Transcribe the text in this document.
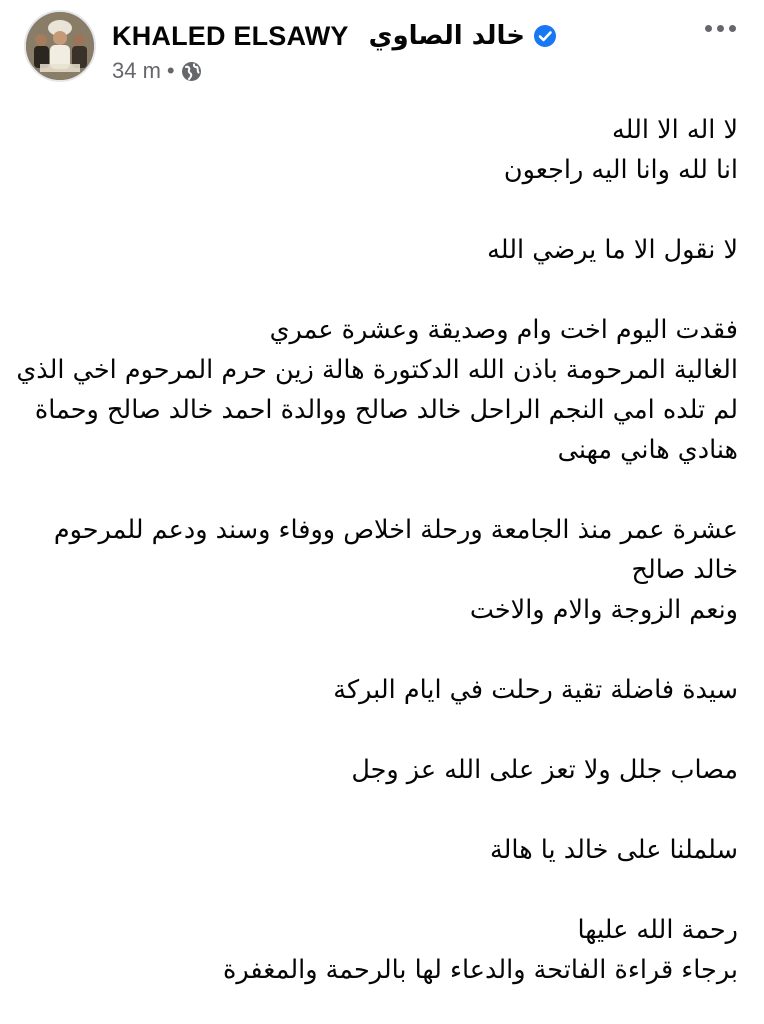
KHALED ELSAWY خالد الصاوي
34 m •

لا اله الا الله
انا لله وانا اليه راجعون

لا نقول الا ما يرضي الله

فقدت اليوم اخت وام وصديقة وعشرة عمري
الغالية المرحومة باذن الله الدكتورة هالة زين حرم المرحوم اخي الذي
لم تلده امي النجم الراحل خالد صالح ووالدة احمد خالد صالح وحماة
هنادي هاني مهنى

عشرة عمر منذ الجامعة ورحلة اخلاص ووفاء وسند ودعم للمرحوم
خالد صالح
ونعم الزوجة والام والاخت

سيدة فاضلة تقية رحلت في ايام البركة

مصاب جلل ولا تعز على الله عز وجل

سلملنا على خالد يا هالة

رحمة الله عليها
برجاء قراءة الفاتحة والدعاء لها بالرحمة والمغفرة
